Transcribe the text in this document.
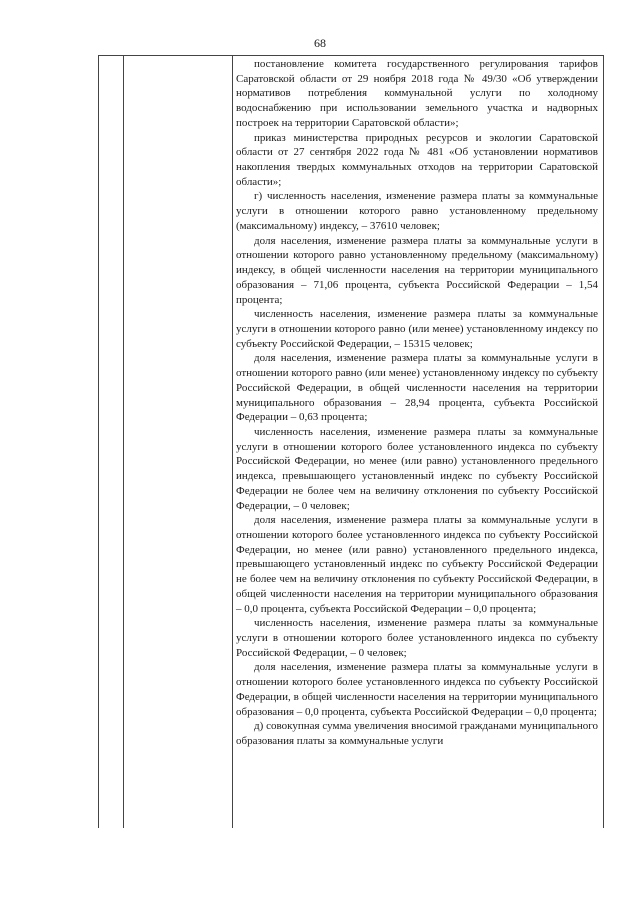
68

постановление комитета государственного регулирования тарифов Саратовской области от 29 ноября 2018 года № 49/30 «Об утверждении нормативов потребления коммунальной услуги по холодному водоснабжению при использовании земельного участка и надворных построек на территории Саратовской области»;

приказ министерства природных ресурсов и экологии Саратовской области от 27 сентября 2022 года № 481 «Об установлении нормативов накопления твердых коммунальных отходов на территории Саратовской области»;

г) численность населения, изменение размера платы за коммунальные услуги в отношении которого равно установленному предельному (максимальному) индексу, – 37610 человек;

доля населения, изменение размера платы за коммунальные услуги в отношении которого равно установленному предельному (максимальному) индексу, в общей численности населения на территории муниципального образования – 71,06 процента, субъекта Российской Федерации – 1,54 процента;

численность населения, изменение размера платы за коммунальные услуги в отношении которого равно (или менее) установленному индексу по субъекту Российской Федерации, – 15315 человек;

доля населения, изменение размера платы за коммунальные услуги в отношении которого равно (или менее) установленному индексу по субъекту Российской Федерации, в общей численности населения на территории муниципального образования – 28,94 процента, субъекта Российской Федерации – 0,63 процента;

численность населения, изменение размера платы за коммунальные услуги в отношении которого более установленного индекса по субъекту Российской Федерации, но менее (или равно) установленного предельного индекса, превышающего установленный индекс по субъекту Российской Федерации не более чем на величину отклонения по субъекту Российской Федерации, – 0 человек;

доля населения, изменение размера платы за коммунальные услуги в отношении которого более установленного индекса по субъекту Российской Федерации, но менее (или равно) установленного предельного индекса, превышающего установленный индекс по субъекту Российской Федерации не более чем на величину отклонения по субъекту Российской Федерации, в общей численности населения на территории муниципального образования – 0,0 процента, субъекта Российской Федерации – 0,0 процента;

численность населения, изменение размера платы за коммунальные услуги в отношении которого более установленного индекса по субъекту Российской Федерации, – 0 человек;

доля населения, изменение размера платы за коммунальные услуги в отношении которого более установленного индекса по субъекту Российской Федерации, в общей численности населения на территории муниципального образования – 0,0 процента, субъекта Российской Федерации – 0,0 процента;

д) совокупная сумма увеличения вносимой гражданами муниципального образования платы за коммунальные услуги
